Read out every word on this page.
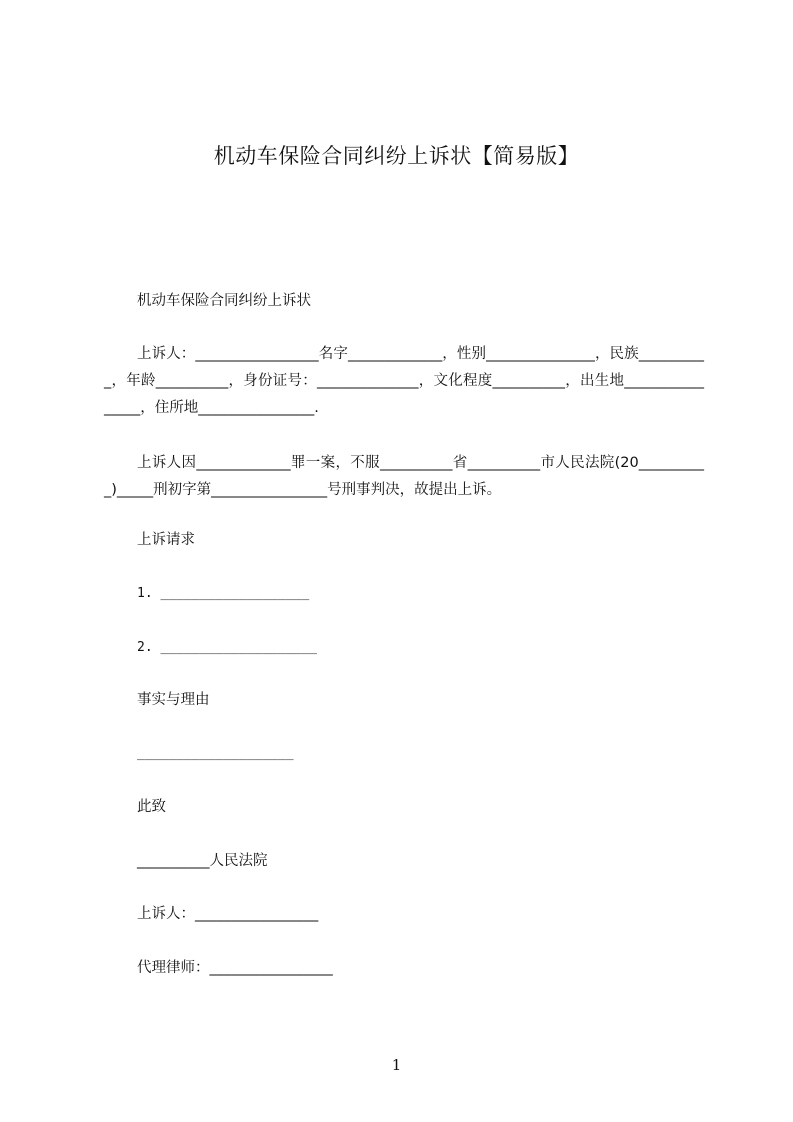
机动车保险合同纠纷上诉状【简易版】
机动车保险合同纠纷上诉状
上诉人：_________________名字_____________，性别_______________，民族__________，年龄__________，身份证号：______________，文化程度__________，出生地________________，住所地________________.
上诉人因_____________罪一案，不服__________省__________市人民法院(20__________)_____刑初字第________________号刑事判决，故提出上诉。
上诉请求
1. ___________________
2. ____________________
事实与理由
____________________
此致
__________人民法院
上诉人：_________________
代理律师：_________________
1
